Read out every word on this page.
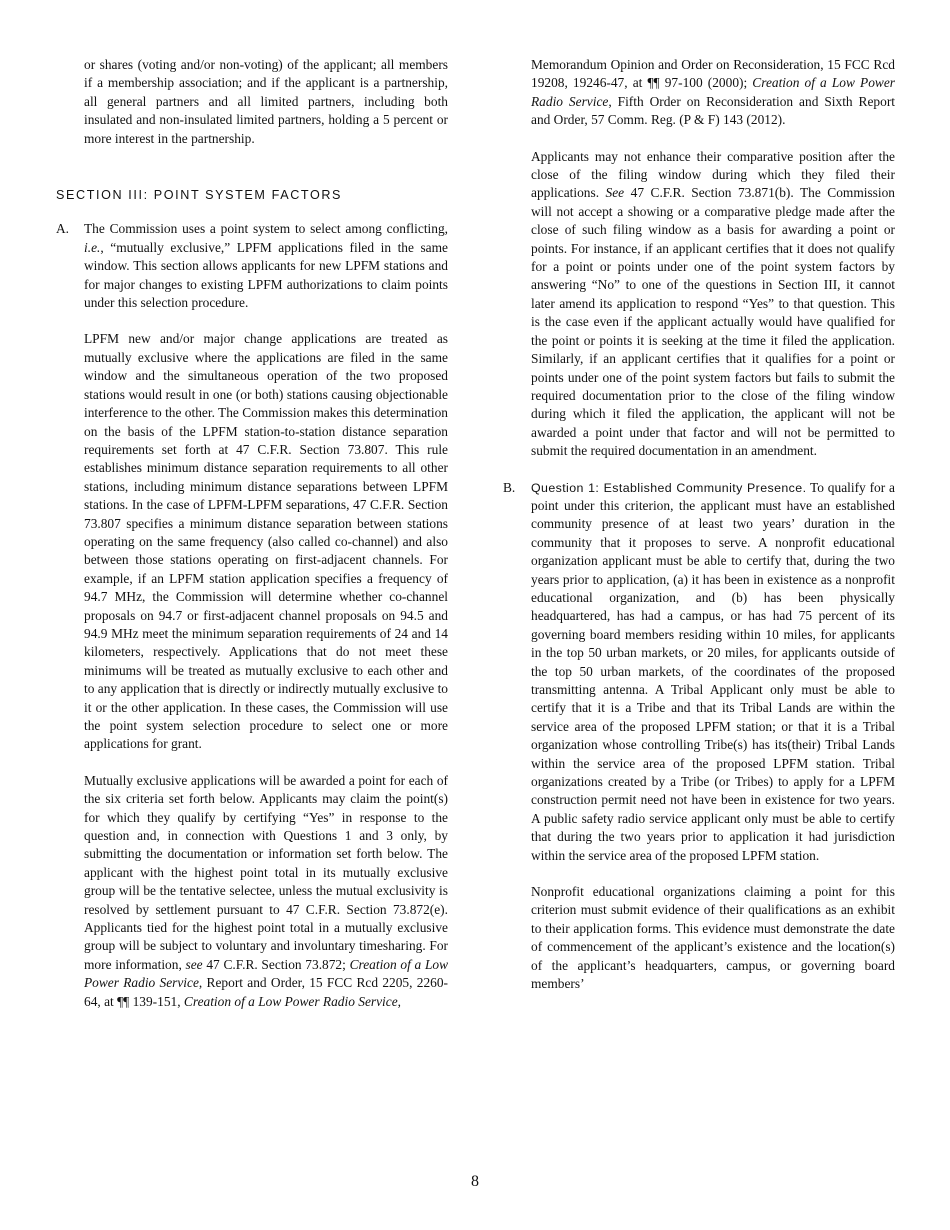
or shares (voting and/or non-voting) of the applicant; all members if a membership association; and if the applicant is a partnership, all general partners and all limited partners, including both insulated and non-insulated limited partners, holding a 5 percent or more interest in the partnership.

SECTION III: POINT SYSTEM FACTORS
A. The Commission uses a point system to select among conflicting, i.e., “mutually exclusive,” LPFM applications filed in the same window. This section allows applicants for new LPFM stations and for major changes to existing LPFM authorizations to claim points under this selection procedure.

LPFM new and/or major change applications are treated as mutually exclusive where the applications are filed in the same window and the simultaneous operation of the two proposed stations would result in one (or both) stations causing objectionable interference to the other. The Commission makes this determination on the basis of the LPFM station-to-station distance separation requirements set forth at 47 C.F.R. Section 73.807. This rule establishes minimum distance separation requirements to all other stations, including minimum distance separations between LPFM stations. In the case of LPFM-LPFM separations, 47 C.F.R. Section 73.807 specifies a minimum distance separation between stations operating on the same frequency (also called co-channel) and also between those stations operating on first-adjacent channels. For example, if an LPFM station application specifies a frequency of 94.7 MHz, the Commission will determine whether co-channel proposals on 94.7 or first-adjacent channel proposals on 94.5 and 94.9 MHz meet the minimum separation requirements of 24 and 14 kilometers, respectively. Applications that do not meet these minimums will be treated as mutually exclusive to each other and to any application that is directly or indirectly mutually exclusive to it or the other application. In these cases, the Commission will use the point system selection procedure to select one or more applications for grant.

Mutually exclusive applications will be awarded a point for each of the six criteria set forth below. Applicants may claim the point(s) for which they qualify by certifying “Yes” in response to the question and, in connection with Questions 1 and 3 only, by submitting the documentation or information set forth below. The applicant with the highest point total in its mutually exclusive group will be the tentative selectee, unless the mutual exclusivity is resolved by settlement pursuant to 47 C.F.R. Section 73.872(e). Applicants tied for the highest point total in a mutually exclusive group will be subject to voluntary and involuntary timesharing. For more information, see 47 C.F.R. Section 73.872; Creation of a Low Power Radio Service, Report and Order, 15 FCC Rcd 2205, 2260-64, at ¶¶ 139-151, Creation of a Low Power Radio Service,

Memorandum Opinion and Order on Reconsideration, 15 FCC Rcd 19208, 19246-47, at ¶¶ 97-100 (2000); Creation of a Low Power Radio Service, Fifth Order on Reconsideration and Sixth Report and Order, 57 Comm. Reg. (P & F) 143 (2012).

Applicants may not enhance their comparative position after the close of the filing window during which they filed their applications. See 47 C.F.R. Section 73.871(b). The Commission will not accept a showing or a comparative pledge made after the close of such filing window as a basis for awarding a point or points. For instance, if an applicant certifies that it does not qualify for a point or points under one of the point system factors by answering “No” to one of the questions in Section III, it cannot later amend its application to respond “Yes” to that question. This is the case even if the applicant actually would have qualified for the point or points it is seeking at the time it filed the application. Similarly, if an applicant certifies that it qualifies for a point or points under one of the point system factors but fails to submit the required documentation prior to the close of the filing window during which it filed the application, the applicant will not be awarded a point under that factor and will not be permitted to submit the required documentation in an amendment.

B. Question 1: Established Community Presence. To qualify for a point under this criterion, the applicant must have an established community presence of at least two years’ duration in the community that it proposes to serve. A nonprofit educational organization applicant must be able to certify that, during the two years prior to application, (a) it has been in existence as a nonprofit educational organization, and (b) has been physically headquartered, has had a campus, or has had 75 percent of its governing board members residing within 10 miles, for applicants in the top 50 urban markets, or 20 miles, for applicants outside of the top 50 urban markets, of the coordinates of the proposed transmitting antenna. A Tribal Applicant only must be able to certify that it is a Tribe and that its Tribal Lands are within the service area of the proposed LPFM station; or that it is a Tribal organization whose controlling Tribe(s) has its(their) Tribal Lands within the service area of the proposed LPFM station. Tribal organizations created by a Tribe (or Tribes) to apply for a LPFM construction permit need not have been in existence for two years. A public safety radio service applicant only must be able to certify that during the two years prior to application it had jurisdiction within the service area of the proposed LPFM station.

Nonprofit educational organizations claiming a point for this criterion must submit evidence of their qualifications as an exhibit to their application forms. This evidence must demonstrate the date of commencement of the applicant’s existence and the location(s) of the applicant’s headquarters, campus, or governing board members’

8
